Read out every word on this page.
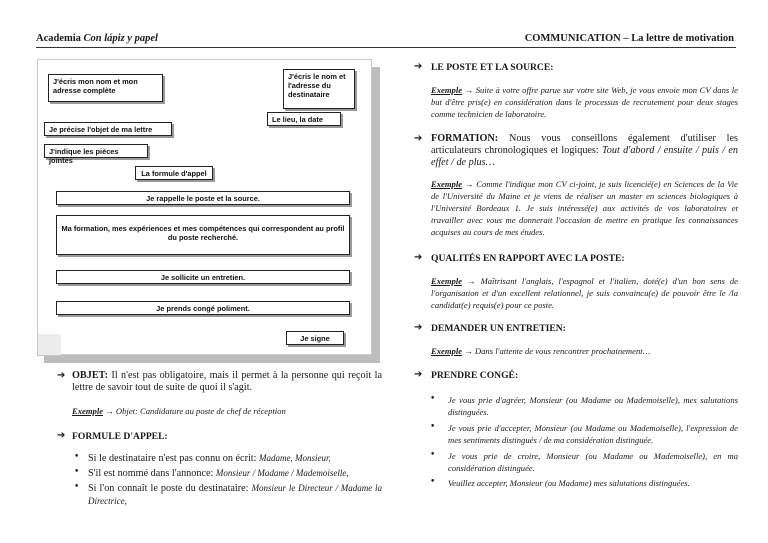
Academia Con lápiz y papel	COMMUNICATION – La lettre de motivation
J'écris mon nom et mon adresse complète
J'écris le nom et l'adresse du destinataire
Le lieu, la date
Je précise l'objet de ma lettre
J'indique les pièces jointes
La formule d'appel
Je rappelle le poste et la source.
Ma formation, mes expériences et mes compétences qui correspondent au profil du poste recherché.
Je sollicite un entretien.
Je prends congé poliment.
Je signe
➔ OBJET: Il n'est pas obligatoire, mais il permet à la personne qui reçoit la lettre de savoir tout de suite de quoi il s'agit.
Exemple → Objet: Candidature au poste de chef de réception
➔ FORMULE D'APPEL:
• Si le destinataire n'est pas connu on écrit: Madame, Monsieur,
• S'il est nommé dans l'annonce: Monsieur / Madame / Mademoiselle,
• Si l'on connaît le poste du destinataire: Monsieur le Directeur / Madame la Directrice,
➔ LE POSTE ET LA SOURCE:
Exemple → Suite à votre offre parue sur votre site Web, je vous envoie mon CV dans le but d'être pris(e) en considération dans le processus de recrutement pour deux stages comme technicien de laboratoire.
➔ FORMATION: Nous vous conseillons également d'utiliser les articulateurs chronologiques et logiques: Tout d'abord / ensuite / puis / en effet / de plus…
Exemple → Comme l'indique mon CV ci-joint, je suis licencié(e) en Sciences de la Vie de l'Université du Maine et je viens de réaliser un master en sciences biologiques à l'Université Bordeaux 1. Je suis intéressé(e) aux activités de vos laboratoires et travailler avec vous me donnerait l'occasion de mettre en pratique les connaissances acquises au cours de mes études.
➔ QUALITÉS EN RAPPORT AVEC LA POSTE:
Exemple → Maîtrisant l'anglais, l'espagnol et l'italien, doté(e) d'un bon sens de l'organisation et d'un excellent relationnel, je suis convaincu(e) de pouvoir être le /la candidat(e) requis(e) pour ce poste.
➔ DEMANDER UN ENTRETIEN:
Exemple → Dans l'attente de vous rencontrer prochainement…
➔ PRENDRE CONGÉ:
• Je vous prie d'agréer, Monsieur (ou Madame ou Mademoiselle), mes salutations distinguées.
• Je vous prie d'accepter, Monsieur (ou Madame ou Mademoiselle), l'expression de mes sentiments distingués / de ma considération distinguée.
• Je vous prie de croire, Monsieur (ou Madame ou Mademoiselle), en ma considération distinguée.
• Veuillez accepter, Monsieur (ou Madame) mes salutations distinguées.
